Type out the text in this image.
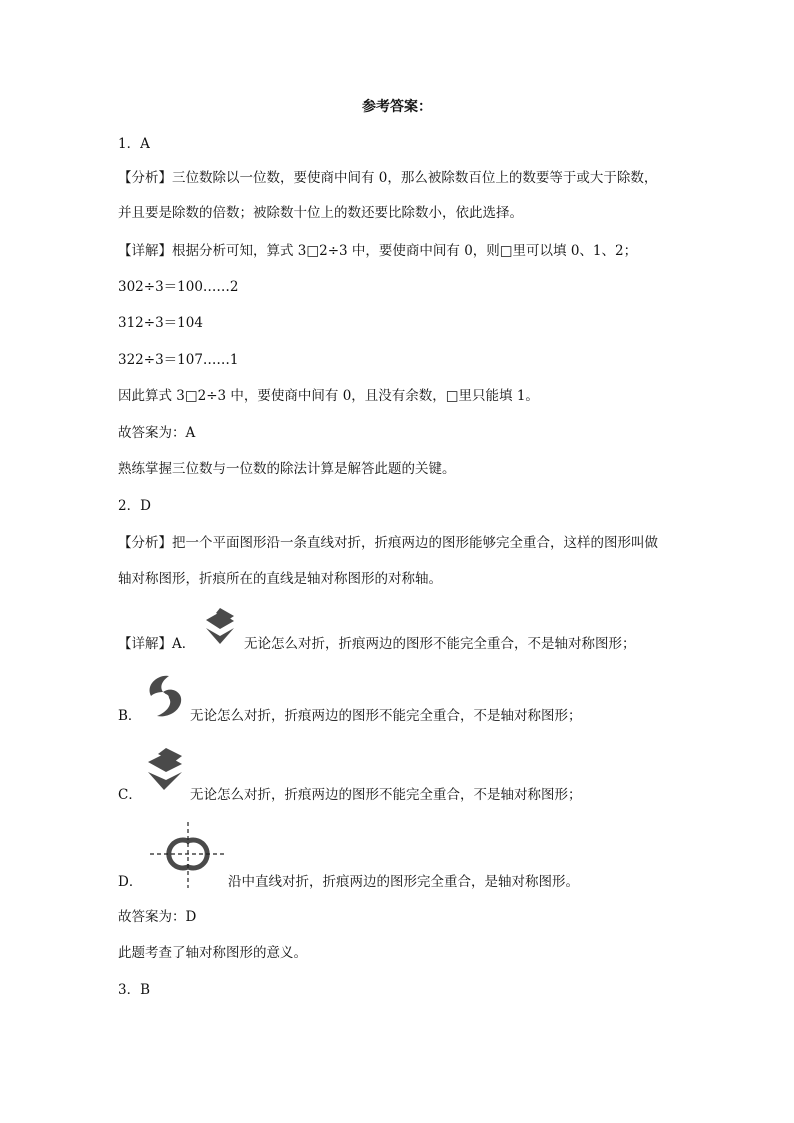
参考答案：
1．A
【分析】三位数除以一位数，要使商中间有 0，那么被除数百位上的数要等于或大于除数，
并且要是除数的倍数；被除数十位上的数还要比除数小，依此选择。
【详解】根据分析可知，算式 3□2÷3 中，要使商中间有 0，则□里可以填 0、1、2；
302÷3＝100……2
312÷3＝104
322÷3＝107……1
因此算式 3□2÷3 中，要使商中间有 0，且没有余数，□里只能填 1。
故答案为：A
熟练掌握三位数与一位数的除法计算是解答此题的关键。
2．D
【分析】把一个平面图形沿一条直线对折，折痕两边的图形能够完全重合，这样的图形叫做
轴对称图形，折痕所在的直线是轴对称图形的对称轴。
【详解】A．	无论怎么对折，折痕两边的图形不能完全重合，不是轴对称图形；
B．	无论怎么对折，折痕两边的图形不能完全重合，不是轴对称图形；
C．	无论怎么对折，折痕两边的图形不能完全重合，不是轴对称图形；
D．	沿中直线对折，折痕两边的图形完全重合，是轴对称图形。
故答案为：D
此题考查了轴对称图形的意义。
3．B
